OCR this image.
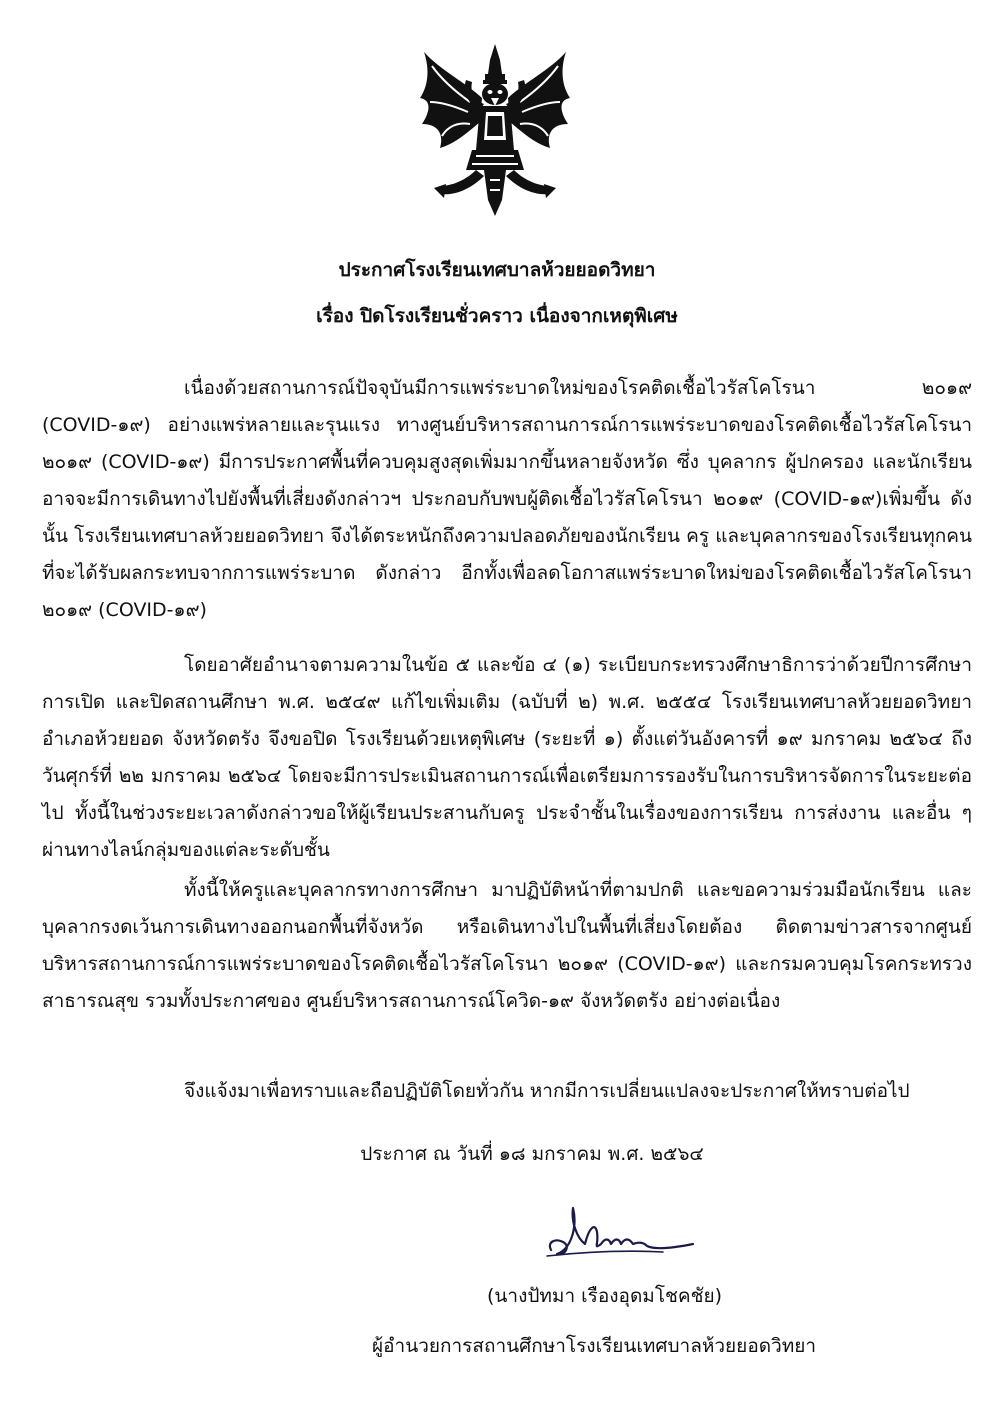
ประกาศโรงเรียนเทศบาลห้วยยอดวิทยา
เรื่อง ปิดโรงเรียนชั่วคราว เนื่องจากเหตุพิเศษ

เนื่องด้วยสถานการณ์ปัจจุบันมีการแพร่ระบาดใหม่ของโรคติดเชื้อไวรัสโคโรนา ๒๐๑๙ (COVID-๑๙) อย่างแพร่หลายและรุนแรง ทางศูนย์บริหารสถานการณ์การแพร่ระบาดของโรคติดเชื้อไวรัสโคโรนา ๒๐๑๙ (COVID-๑๙) มีการประกาศพื้นที่ควบคุมสูงสุดเพิ่มมากขึ้นหลายจังหวัด ซึ่ง บุคลากร ผู้ปกครอง และนักเรียน อาจจะมีการเดินทางไปยังพื้นที่เสี่ยงดังกล่าวฯ ประกอบกับพบผู้ติดเชื้อไวรัสโคโรนา ๒๐๑๙ (COVID-๑๙)เพิ่มขึ้น ดังนั้น โรงเรียนเทศบาลห้วยยอดวิทยา จึงได้ตระหนักถึงความปลอดภัยของนักเรียน ครู และบุคลากรของโรงเรียนทุกคนที่จะได้รับผลกระทบจากการแพร่ระบาด ดังกล่าว อีกทั้งเพื่อลดโอกาสแพร่ระบาดใหม่ของโรคติดเชื้อไวรัสโคโรนา ๒๐๑๙ (COVID-๑๙)

โดยอาศัยอำนาจตามความในข้อ ๕ และข้อ ๔ (๑) ระเบียบกระทรวงศึกษาธิการว่าด้วยปีการศึกษา การเปิด และปิดสถานศึกษา พ.ศ. ๒๕๔๙ แก้ไขเพิ่มเติม (ฉบับที่ ๒) พ.ศ. ๒๕๕๔ โรงเรียนเทศบาลห้วยยอดวิทยา อำเภอห้วยยอด จังหวัดตรัง จึงขอปิด โรงเรียนด้วยเหตุพิเศษ (ระยะที่ ๑) ตั้งแต่วันอังคารที่ ๑๙ มกราคม ๒๕๖๔ ถึงวันศุกร์ที่ ๒๒ มกราคม ๒๕๖๔ โดยจะมีการประเมินสถานการณ์เพื่อเตรียมการรองรับในการบริหารจัดการในระยะต่อไป ทั้งนี้ในช่วงระยะเวลาดังกล่าวขอให้ผู้เรียนประสานกับครู ประจำชั้นในเรื่องของการเรียน การส่งงาน และอื่น ๆ ผ่านทางไลน์กลุ่มของแต่ละระดับชั้น

ทั้งนี้ให้ครูและบุคลากรทางการศึกษา มาปฏิบัติหน้าที่ตามปกติ และขอความร่วมมือนักเรียน และ บุคลากรงดเว้นการเดินทางออกนอกพื้นที่จังหวัด หรือเดินทางไปในพื้นที่เสี่ยงโดยต้อง ติดตามข่าวสารจากศูนย์ บริหารสถานการณ์การแพร่ระบาดของโรคติดเชื้อไวรัสโคโรนา ๒๐๑๙ (COVID-๑๙) และกรมควบคุมโรคกระทรวง สาธารณสุข รวมทั้งประกาศของ ศูนย์บริหารสถานการณ์โควิด-๑๙ จังหวัดตรัง อย่างต่อเนื่อง

จึงแจ้งมาเพื่อทราบและถือปฏิบัติโดยทั่วกัน หากมีการเปลี่ยนแปลงจะประกาศให้ทราบต่อไป

ประกาศ ณ วันที่ ๑๘ มกราคม พ.ศ. ๒๕๖๔
(นางปัทมา เรืองอุดมโชคชัย)
ผู้อำนวยการสถานศึกษาโรงเรียนเทศบาลห้วยยอดวิทยา
